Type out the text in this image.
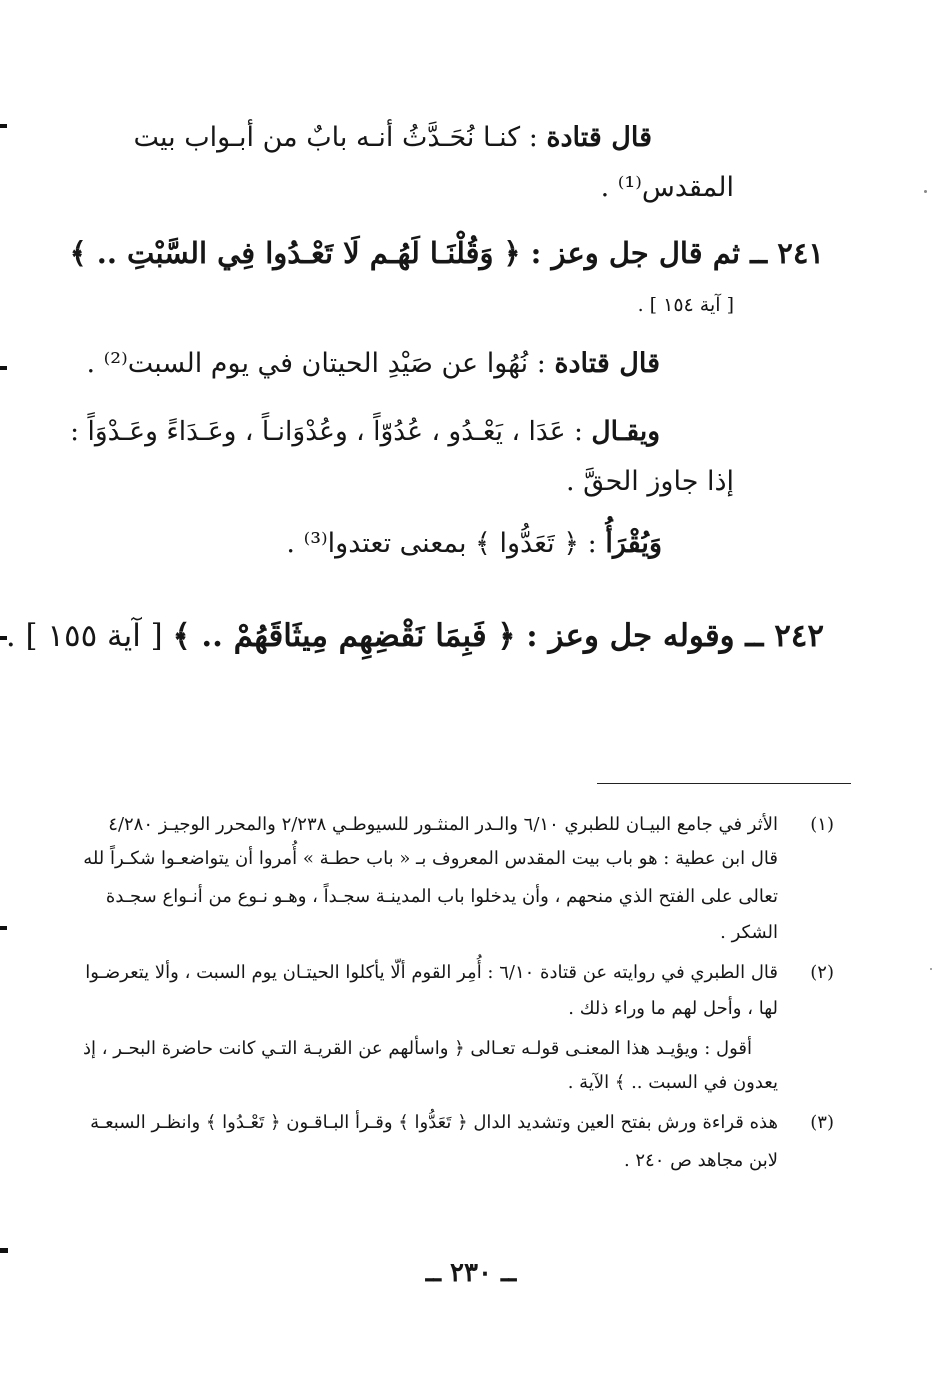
قال قتادة : كنـا نُحَـدَّثُ أنـه بابٌ من أبـواب بيت
المقدس⁽¹⁾ .
٢٤١ ــ ثم قال جل وعز : ﴿ وَقُلْنَـا لَهُـم لَا تَعْـدُوا فِي السَّبْتِ .. ﴾
[ آية ١٥٤ ] .
قال قتادة : نُهُوا عن صَيْدِ الحيتان في يوم السبت⁽²⁾ .
ويقـال : عَدَا ، يَعْـدُو ، عُدُوّاً ، وعُدْوَانـاً ، وعَـدَاءً وعَـدْوَاً :
إذا جاوز الحقَّ .
وَيُقْرَأُ : ﴿ تَعَدُّوا ﴾ بمعنى تعتدوا⁽³⁾ .
٢٤٢ ــ وقوله جل وعز : ﴿ فَبِمَا نَقْضِهِم مِيثَاقَهُمْ .. ﴾ [ آية ١٥٥ ] .
(١)
الأثر في جامع البيـان للطبري ٦/١٠ والـدر المنثـور للسيوطـي ٢/٢٣٨ والمحرر الوجيـز ٤/٢٨٠
قال ابن عطية : هو باب بيت المقدس المعروف بـ « باب حطـة » أُمروا أن يتواضعـوا شكـراً لله
تعالى على الفتح الذي منحهم ، وأن يدخلوا باب المدينـة سجـداً ، وهـو نـوع من أنـواع سجـدة
الشكر .
(٢)
قال الطبري في روايته عن قتادة ٦/١٠ : أُمِر القوم ألّا يأكلوا الحيتـان يوم السبت ، وألا يتعرضـوا
لها ، وأحل لهم ما وراء ذلك .
أقول : ويؤيـد هذا المعنـى قولـه تعـالى ﴿ واسألهم عن القريـة التـي كانت حاضرة البحـر ، إذ
يعدون في السبت .. ﴾ الآية .
(٣)
هذه قراءة ورش بفتح العين وتشديد الدال ﴿ تَعَدُّوا ﴾ وقـرأ البـاقـون ﴿ تَعْـدُوا ﴾ وانظـر السبعـة
لابن مجاهد ص ٢٤٠ .
ــ ٢٣٠ ــ
